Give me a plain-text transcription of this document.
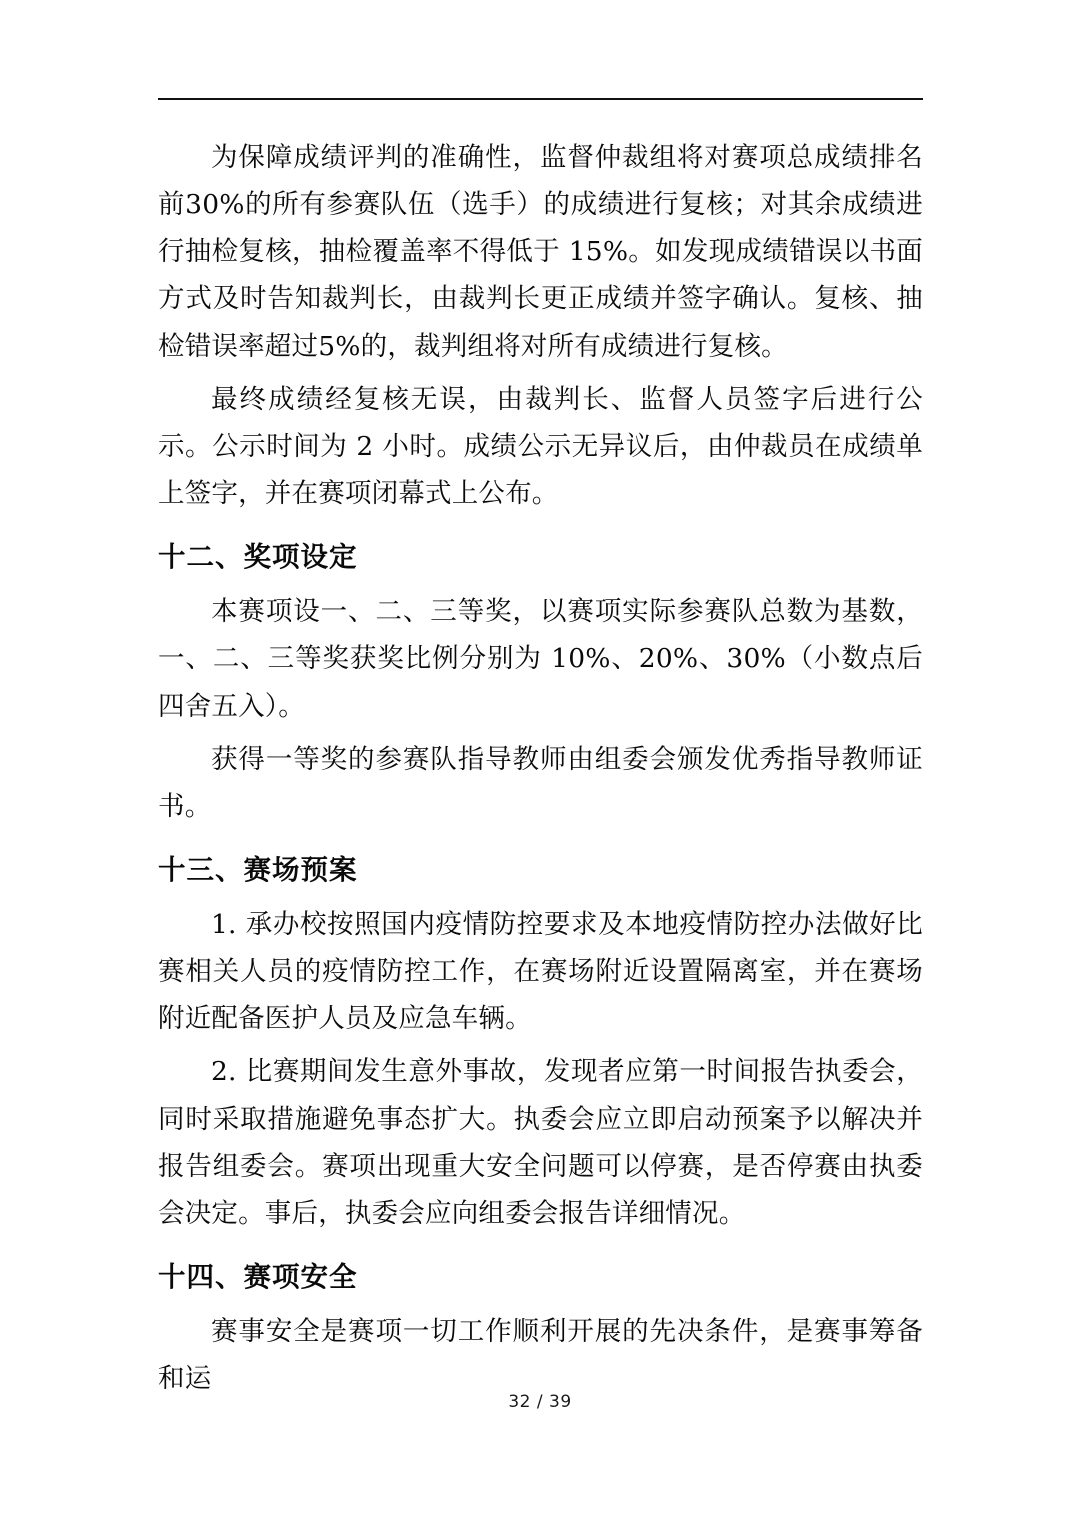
为保障成绩评判的准确性，监督仲裁组将对赛项总成绩排名前30%的所有参赛队伍（选手）的成绩进行复核；对其余成绩进行抽检复核，抽检覆盖率不得低于 15%。如发现成绩错误以书面方式及时告知裁判长，由裁判长更正成绩并签字确认。复核、抽检错误率超过5%的，裁判组将对所有成绩进行复核。

最终成绩经复核无误，由裁判长、监督人员签字后进行公示。公示时间为 2 小时。成绩公示无异议后，由仲裁员在成绩单上签字，并在赛项闭幕式上公布。

十二、奖项设定

本赛项设一、二、三等奖，以赛项实际参赛队总数为基数，一、二、三等奖获奖比例分别为 10%、20%、30%（小数点后四舍五入）。

获得一等奖的参赛队指导教师由组委会颁发优秀指导教师证书。

十三、赛场预案

1. 承办校按照国内疫情防控要求及本地疫情防控办法做好比赛相关人员的疫情防控工作，在赛场附近设置隔离室，并在赛场附近配备医护人员及应急车辆。

2. 比赛期间发生意外事故，发现者应第一时间报告执委会，同时采取措施避免事态扩大。执委会应立即启动预案予以解决并报告组委会。赛项出现重大安全问题可以停赛，是否停赛由执委会决定。事后，执委会应向组委会报告详细情况。

十四、赛项安全

赛事安全是赛项一切工作顺利开展的先决条件，是赛事筹备和运

32 / 39
